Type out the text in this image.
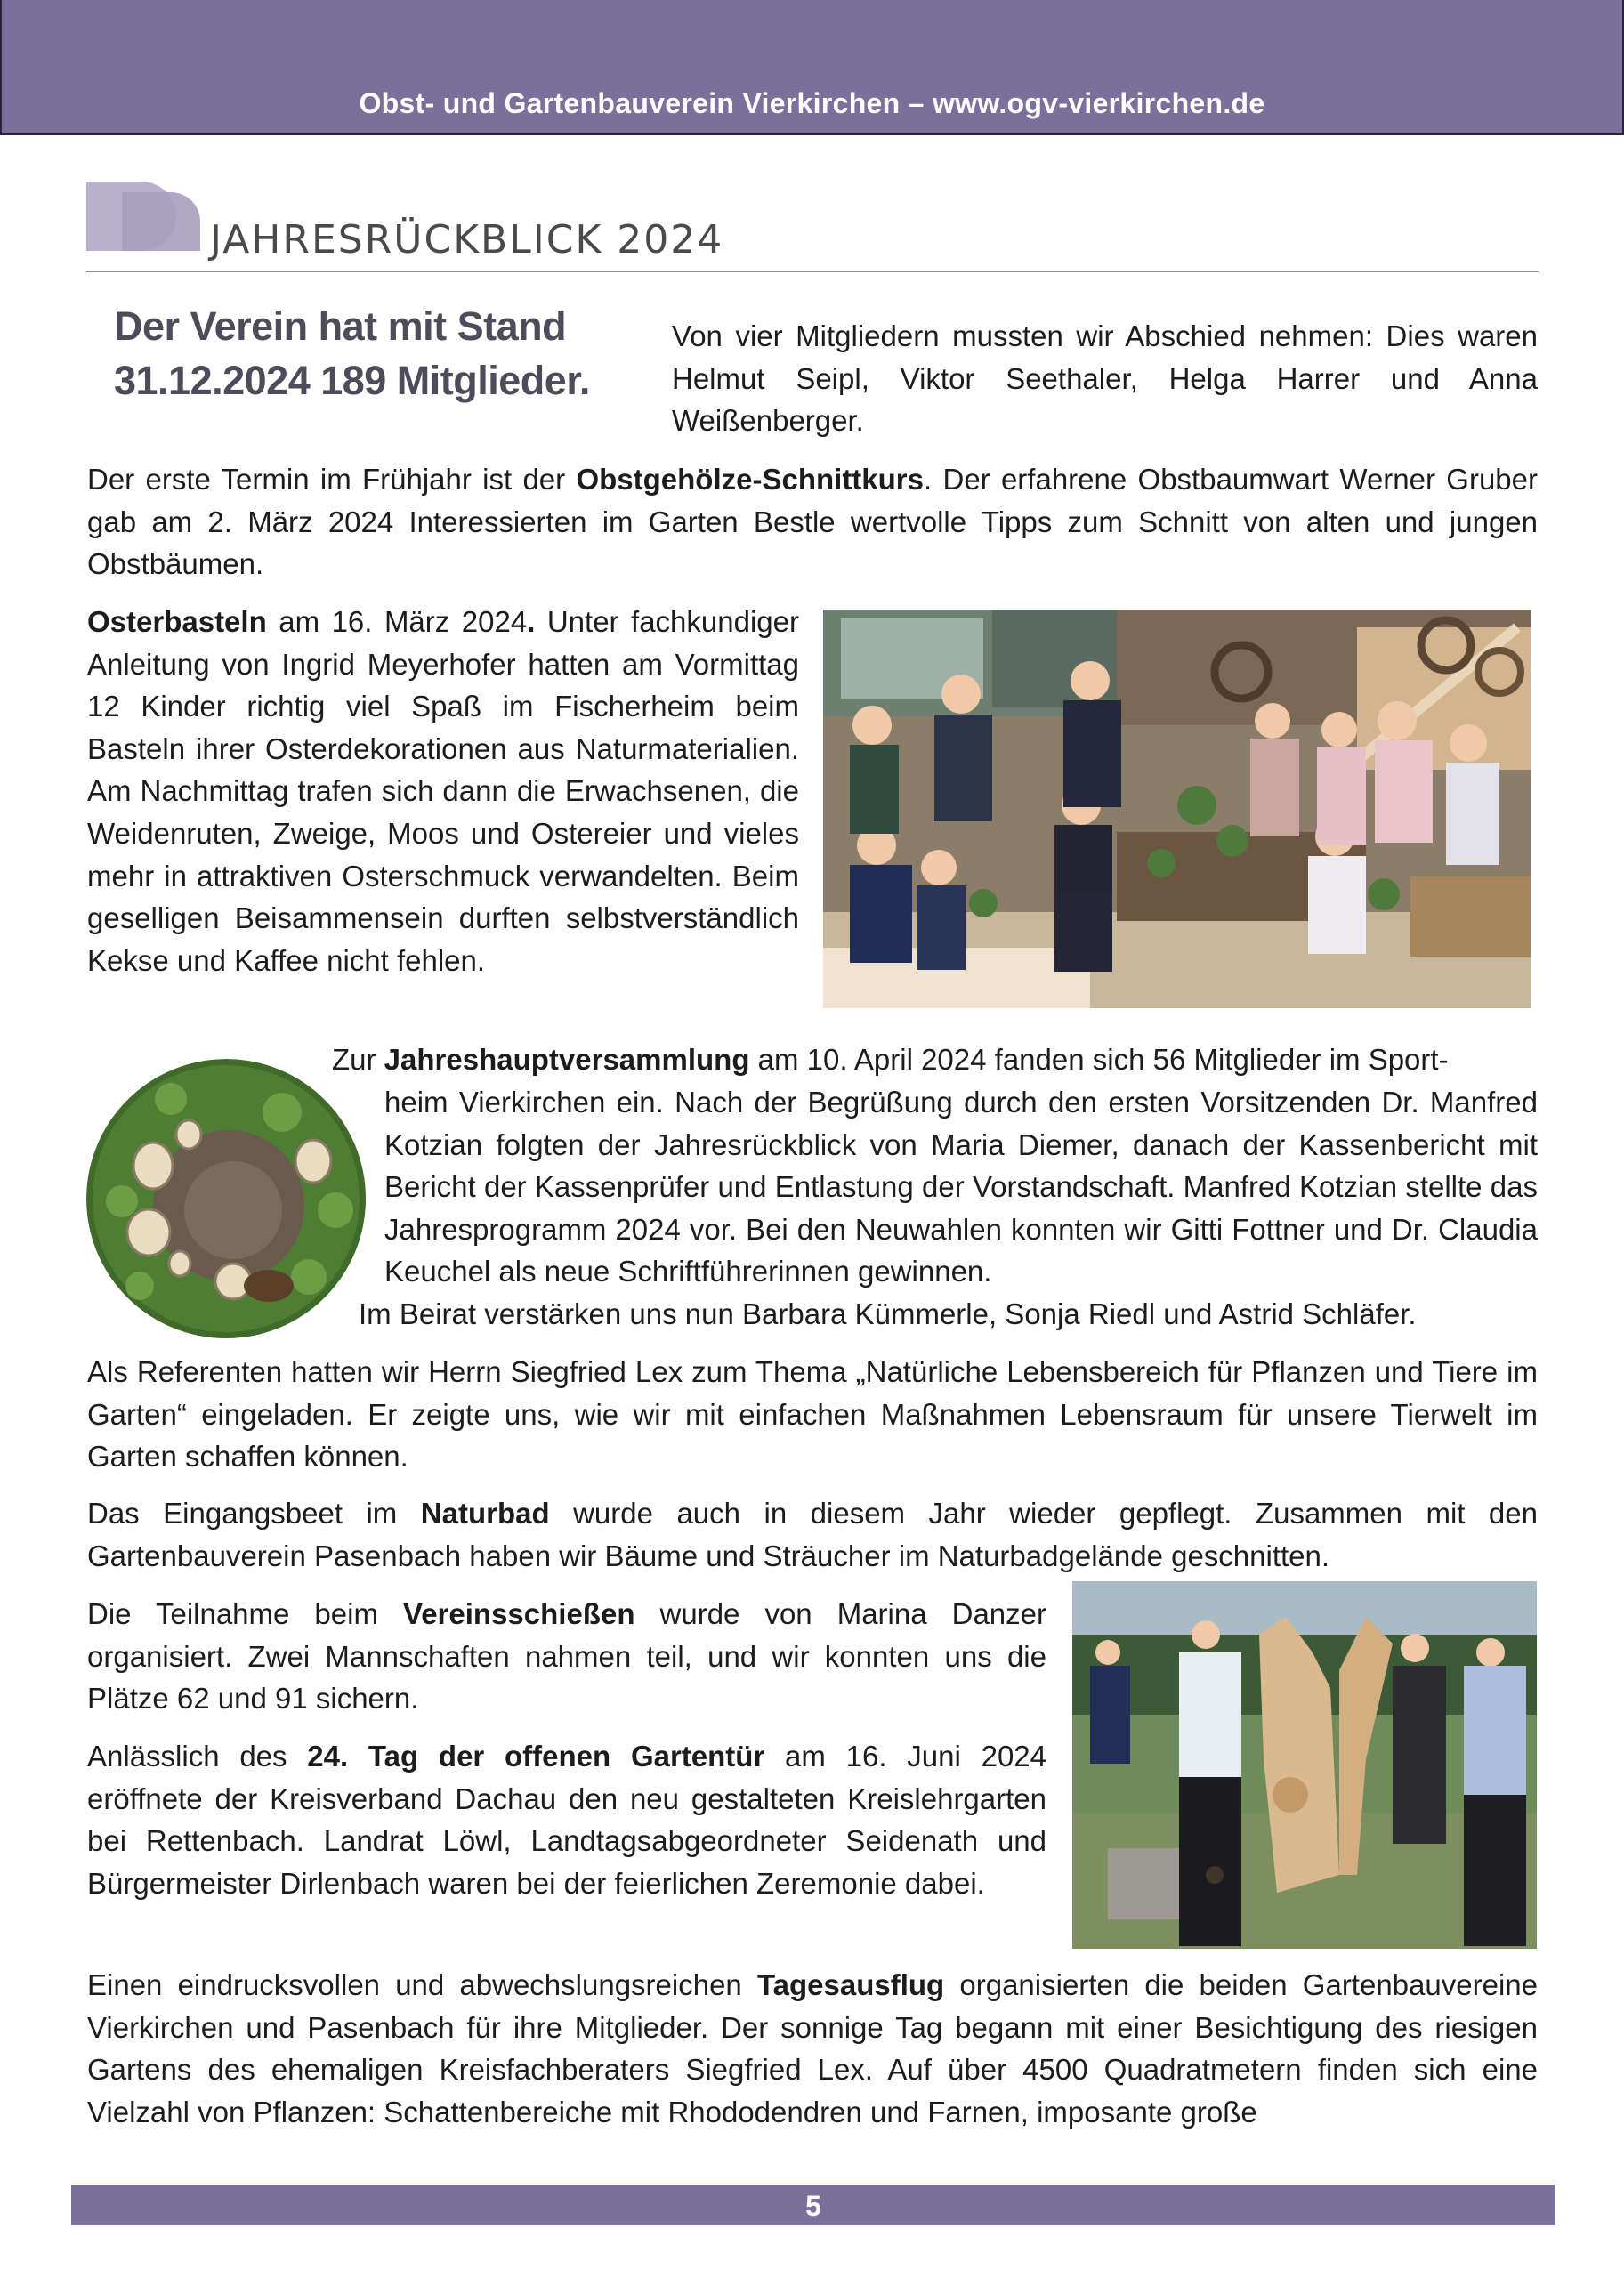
Obst- und Gartenbauverein Vierkirchen – www.ogv-vierkirchen.de
JAHRESRÜCKBLICK 2024
Der Verein hat mit Stand 31.12.2024 189 Mitglieder.
Von vier Mitgliedern mussten wir Abschied nehmen: Dies waren Helmut Seipl, Viktor Seethaler, Helga Harrer und Anna Weißenberger.
Der erste Termin im Frühjahr ist der Obstgehölze-Schnittkurs. Der erfahrene Obstbaumwart Werner Gruber gab am 2. März 2024 Interessierten im Garten Bestle wertvolle Tipps zum Schnitt von alten und jungen Obstbäumen.
Osterbasteln am 16. März 2024. Unter fachkundiger Anleitung von Ingrid Meyerhofer hatten am Vormittag 12 Kinder richtig viel Spaß im Fischerheim beim Basteln ihrer Osterdekorationen aus Naturmaterialien. Am Nachmittag trafen sich dann die Erwachsenen, die Weidenruten, Zweige, Moos und Ostereier und vieles mehr in attraktiven Osterschmuck verwandelten. Beim geselligen Beisammensein durften selbstverständlich Kekse und Kaffee nicht fehlen.
Zur Jahreshauptversammlung am 10. April 2024 fanden sich 56 Mitglieder im Sport-
heim Vierkirchen ein. Nach der Begrüßung durch den ersten Vorsitzenden Dr. Manfred Kotzian folgten der Jahresrückblick von Maria Diemer, danach der Kassenbericht mit Bericht der Kassenprüfer und Entlastung der Vorstandschaft. Manfred Kotzian stellte das Jahresprogramm 2024 vor. Bei den Neuwahlen konnten wir Gitti Fottner und Dr. Claudia Keuchel als neue Schriftführerinnen gewinnen.
Im Beirat verstärken uns nun Barbara Kümmerle, Sonja Riedl und Astrid Schläfer.
Als Referenten hatten wir Herrn Siegfried Lex zum Thema „Natürliche Lebensbereich für Pflanzen und Tiere im Garten“ eingeladen. Er zeigte uns, wie wir mit einfachen Maßnahmen Lebensraum für unsere Tierwelt im Garten schaffen können.
Das Eingangsbeet im Naturbad wurde auch in diesem Jahr wieder gepflegt. Zusammen mit den Gartenbauverein Pasenbach haben wir Bäume und Sträucher im Naturbadgelände geschnitten.
Die Teilnahme beim Vereinsschießen wurde von Marina Danzer organisiert. Zwei Mannschaften nahmen teil, und wir konnten uns die Plätze 62 und 91 sichern.
Anlässlich des 24. Tag der offenen Gartentür am 16. Juni 2024 eröffnete der Kreisverband Dachau den neu gestalteten Kreislehrgarten bei Rettenbach. Landrat Löwl, Landtagsabgeordneter Seidenath und Bürgermeister Dirlenbach waren bei der feierlichen Zeremonie dabei.
Einen eindrucksvollen und abwechslungsreichen Tagesausflug organisierten die beiden Gartenbauvereine Vierkirchen und Pasenbach für ihre Mitglieder. Der sonnige Tag begann mit einer Besichtigung des riesigen Gartens des ehemaligen Kreisfachberaters Siegfried Lex. Auf über 4500 Quadratmetern finden sich eine Vielzahl von Pflanzen: Schattenbereiche mit Rhododendren und Farnen, imposante große
5
